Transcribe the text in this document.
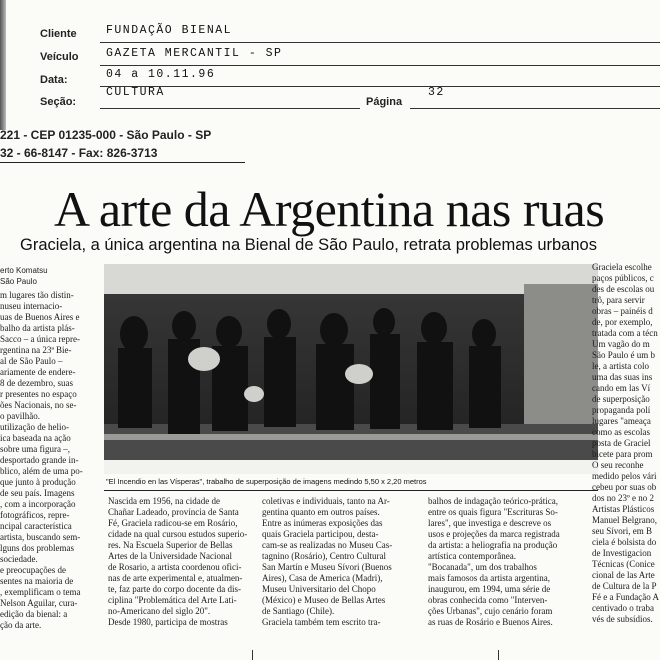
Cliente	FUNDAÇÃO BIENAL
Veículo GAZETA MERCANTIL - SP
Data:	04 a 10.11.96
Seção:
CULTURA
Página
32
221 - CEP 01235-000 - São Paulo - SP
32 - 66-8147 - Fax: 826-3713
A arte da Argentina nas ruas
Graciela, a única argentina na Bienal de São Paulo, retrata problemas urbanos
erto Komatsu
São Paulo
m lugares tão distin-
nuseu internacio-
uas de Buenos Aires e
balho da artista plás-
Sacco – a única repre-
rgentina na 23ª Bie-
al de São Paulo –
ariamente de endere-
8 de dezembro, suas
r presentes no espaço
ões Nacionais, no se-
o pavilhão.
utilização de helio-
ica baseada na ação
sobre uma figura –,
desportado grande in-
blico, além de uma po-
que junto à produção
de seu país. Imagens
, com a incorporação
fotográficos, repre-
ncipal característica
artista, buscando sem-
lguns dos problemas
sociedade.
e preocupações de
sentes na maioria de
, exemplificam o tema
Nelson Aguilar, cura-
edição da bienal: a
ção da arte.
"El Incendio en las Vísperas", trabalho de superposição de imagens medindo 5,50 x 2,20 metros
Nascida em 1956, na cidade de
Chañar Ladeado, província de Santa
Fé, Graciela radicou-se em Rosário,
cidade na qual cursou estudos superio-
res. Na Escuela Superior de Bellas
Artes de la Universidade Nacional
de Rosario, a artista coordenou ofici-
nas de arte experimental e, atualmen-
te, faz parte do corpo docente da dis-
ciplina "Problemática del Arte Lati-
no-Americano del siglo 20".
Desde 1980, participa de mostras
coletivas e individuais, tanto na Ar-
gentina quanto em outros países.
Entre as inúmeras exposições das
quais Graciela participou, desta-
cam-se as realizadas no Museu Cas-
tagnino (Rosário), Centro Cultural
San Martín e Museu Sívori (Buenos
Aires), Casa de America (Madri),
Museu Universitario del Chopo
(México) e Museo de Bellas Artes
de Santiago (Chile).
Graciela também tem escrito tra-
balhos de indagação teórico-prática,
entre os quais figura "Escrituras So-
lares", que investiga e descreve os
usos e projeções da marca registrada
da artista: a heliografia na produção
artística contemporânea.
"Bocanada", um dos trabalhos
mais famosos da artista argentina,
inaugurou, em 1994, uma série de
obras conhecida como "Interven-
ções Urbanas", cujo cenário foram
as ruas de Rosário e Buenos Aires.
Graciela escolhe
paços públicos, c
des de escolas ou
trô, para servir
obras – painéis d
de, por exemplo,
tratada com a técn
Um vagão do m
São Paulo é um b
le, a artista colo
uma das suas ins
cando em las Ví
de superposição
propaganda polí
lugares "ameaça
como as escolas
posta de Graciel
bicete para prom
O seu reconhe
medido pelos vári
cebeu por suas ob
dos no 23º e no 2
Artistas Plásticos
Manuel Belgrano,
seu Sívori, em B
ciela é bolsista do
de Investigacion
Técnicas (Conice
cional de las Arte
de Cultura de la P
Fé e a Fundação A
centivado o traba
vés de subsídios.
